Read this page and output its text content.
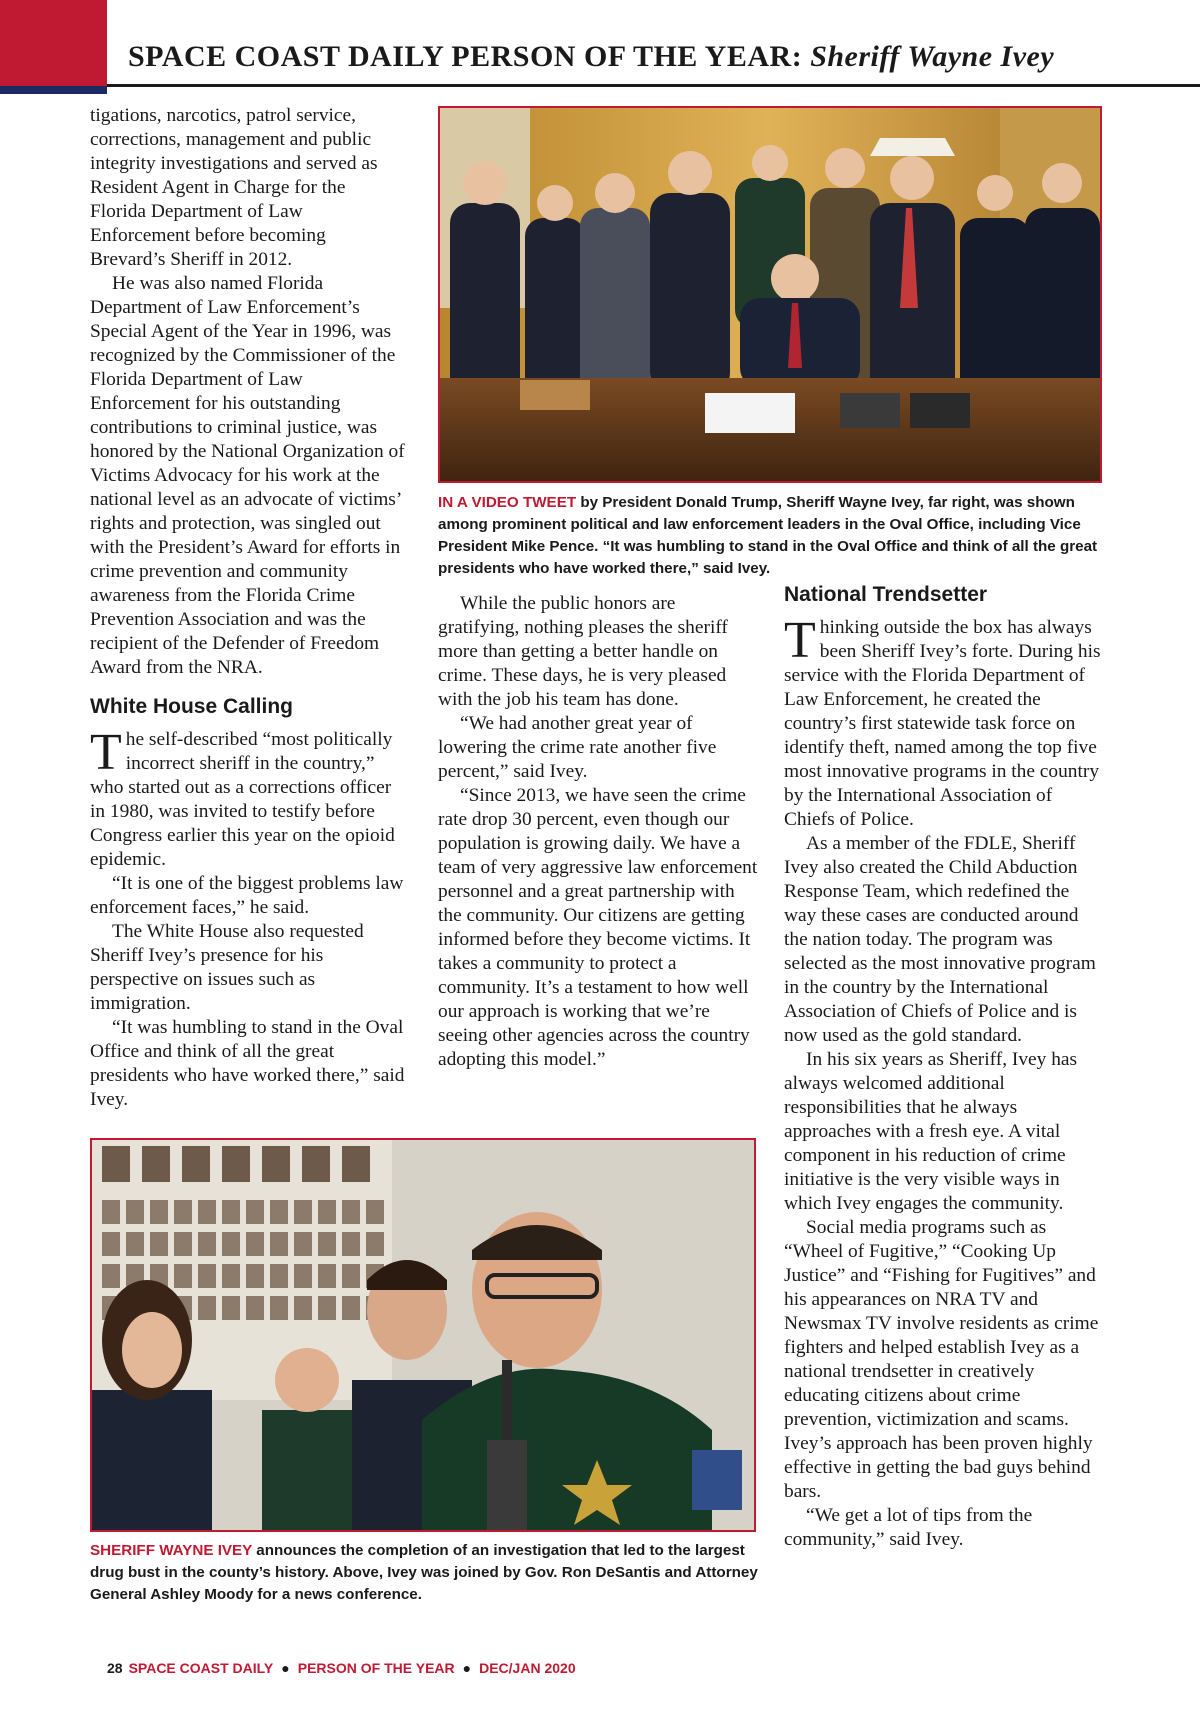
SPACE COAST DAILY PERSON OF THE YEAR: Sheriff Wayne Ivey

tigations, narcotics, patrol service, corrections, management and public integrity investigations and served as Resident Agent in Charge for the Florida Department of Law Enforcement before becoming Brevard’s Sheriff in 2012.

He was also named Florida Department of Law Enforcement’s Special Agent of the Year in 1996, was recognized by the Commissioner of the Florida Department of Law Enforcement for his outstanding contributions to criminal justice, was honored by the National Organization of Victims Advocacy for his work at the national level as an advocate of victims’ rights and protection, was singled out with the President’s Award for efforts in crime prevention and community awareness from the Florida Crime Prevention Association and was the recipient of the Defender of Freedom Award from the NRA.

White House Calling

The self-described “most politically incorrect sheriff in the country,” who started out as a corrections officer in 1980, was invited to testify before Congress earlier this year on the opioid epidemic.

“It is one of the biggest problems law enforcement faces,” he said.

The White House also requested Sheriff Ivey’s presence for his perspective on issues such as immigration.

“It was humbling to stand in the Oval Office and think of all the great presidents who have worked there,” said Ivey.

IN A VIDEO TWEET by President Donald Trump, Sheriff Wayne Ivey, far right, was shown among prominent political and law enforcement leaders in the Oval Office, including Vice President Mike Pence. “It was humbling to stand in the Oval Office and think of all the great presidents who have worked there,” said Ivey.

While the public honors are gratifying, nothing pleases the sheriff more than getting a better handle on crime. These days, he is very pleased with the job his team has done.

“We had another great year of lowering the crime rate another five percent,” said Ivey.

“Since 2013, we have seen the crime rate drop 30 percent, even though our population is growing daily. We have a team of very aggressive law enforcement personnel and a great partnership with the community. Our citizens are getting informed before they become victims. It takes a community to protect a community. It’s a testament to how well our approach is working that we’re seeing other agencies across the country adopting this model.”

National Trendsetter

Thinking outside the box has always been Sheriff Ivey’s forte. During his service with the Florida Department of Law Enforcement, he created the country’s first statewide task force on identify theft, named among the top five most innovative programs in the country by the International Association of Chiefs of Police.

As a member of the FDLE, Sheriff Ivey also created the Child Abduction Response Team, which redefined the way these cases are conducted around the nation today. The program was selected as the most innovative program in the country by the International Association of Chiefs of Police and is now used as the gold standard.

In his six years as Sheriff, Ivey has always welcomed additional responsibilities that he always approaches with a fresh eye. A vital component in his reduction of crime initiative is the very visible ways in which Ivey engages the community.

Social media programs such as “Wheel of Fugitive,” “Cooking Up Justice” and “Fishing for Fugitives” and his appearances on NRA TV and Newsmax TV involve residents as crime fighters and helped establish Ivey as a national trendsetter in creatively educating citizens about crime prevention, victimization and scams. Ivey’s approach has been proven highly effective in getting the bad guys behind bars.

“We get a lot of tips from the community,” said Ivey.

SHERIFF WAYNE IVEY announces the completion of an investigation that led to the largest drug bust in the county’s history. Above, Ivey was joined by Gov. Ron DeSantis and Attorney General Ashley Moody for a news conference.
28 SPACE COAST DAILY ● PERSON OF THE YEAR ● DEC/JAN 2020
